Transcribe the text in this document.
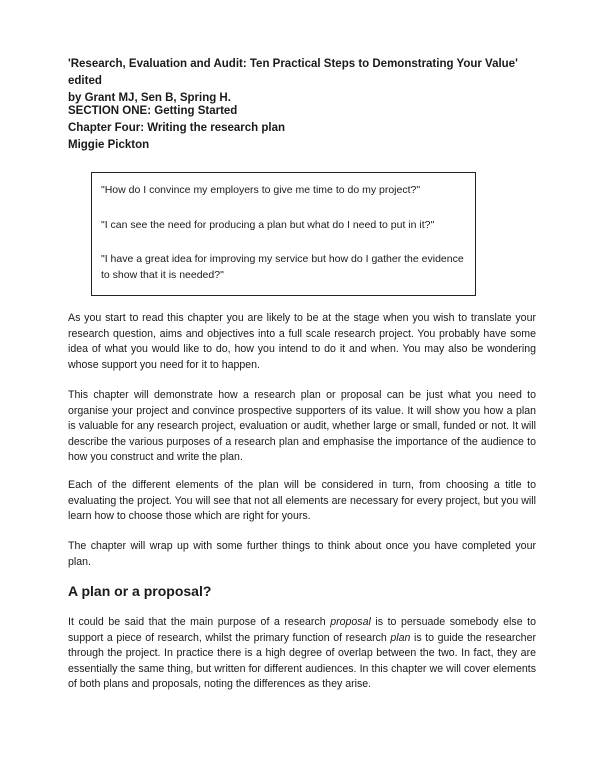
'Research, Evaluation and Audit: Ten Practical Steps to Demonstrating Your Value' edited

by Grant MJ, Sen B, Spring H.

SECTION ONE: Getting Started

Chapter Four: Writing the research plan

Miggie Pickton

"How do I convince my employers to give me time to do my project?"
"I can see the need for producing a plan but what do I need to put in it?"
"I have a great idea for improving my service but how do I gather the evidence to show that it is needed?"

As you start to read this chapter you are likely to be at the stage when you wish to translate your research question, aims and objectives into a full scale research project. You probably have some idea of what you would like to do, how you intend to do it and when. You may also be wondering whose support you need for it to happen.

This chapter will demonstrate how a research plan or proposal can be just what you need to organise your project and convince prospective supporters of its value. It will show you how a plan is valuable for any research project, evaluation or audit, whether large or small, funded or not. It will describe the various purposes of a research plan and emphasise the importance of the audience to how you construct and write the plan.

Each of the different elements of the plan will be considered in turn, from choosing a title to evaluating the project. You will see that not all elements are necessary for every project, but you will learn how to choose those which are right for yours.

The chapter will wrap up with some further things to think about once you have completed your plan.

A plan or a proposal?

It could be said that the main purpose of a research proposal is to persuade somebody else to support a piece of research, whilst the primary function of research plan is to guide the researcher through the project. In practice there is a high degree of overlap between the two. In fact, they are essentially the same thing, but written for different audiences. In this chapter we will cover elements of both plans and proposals, noting the differences as they arise.
